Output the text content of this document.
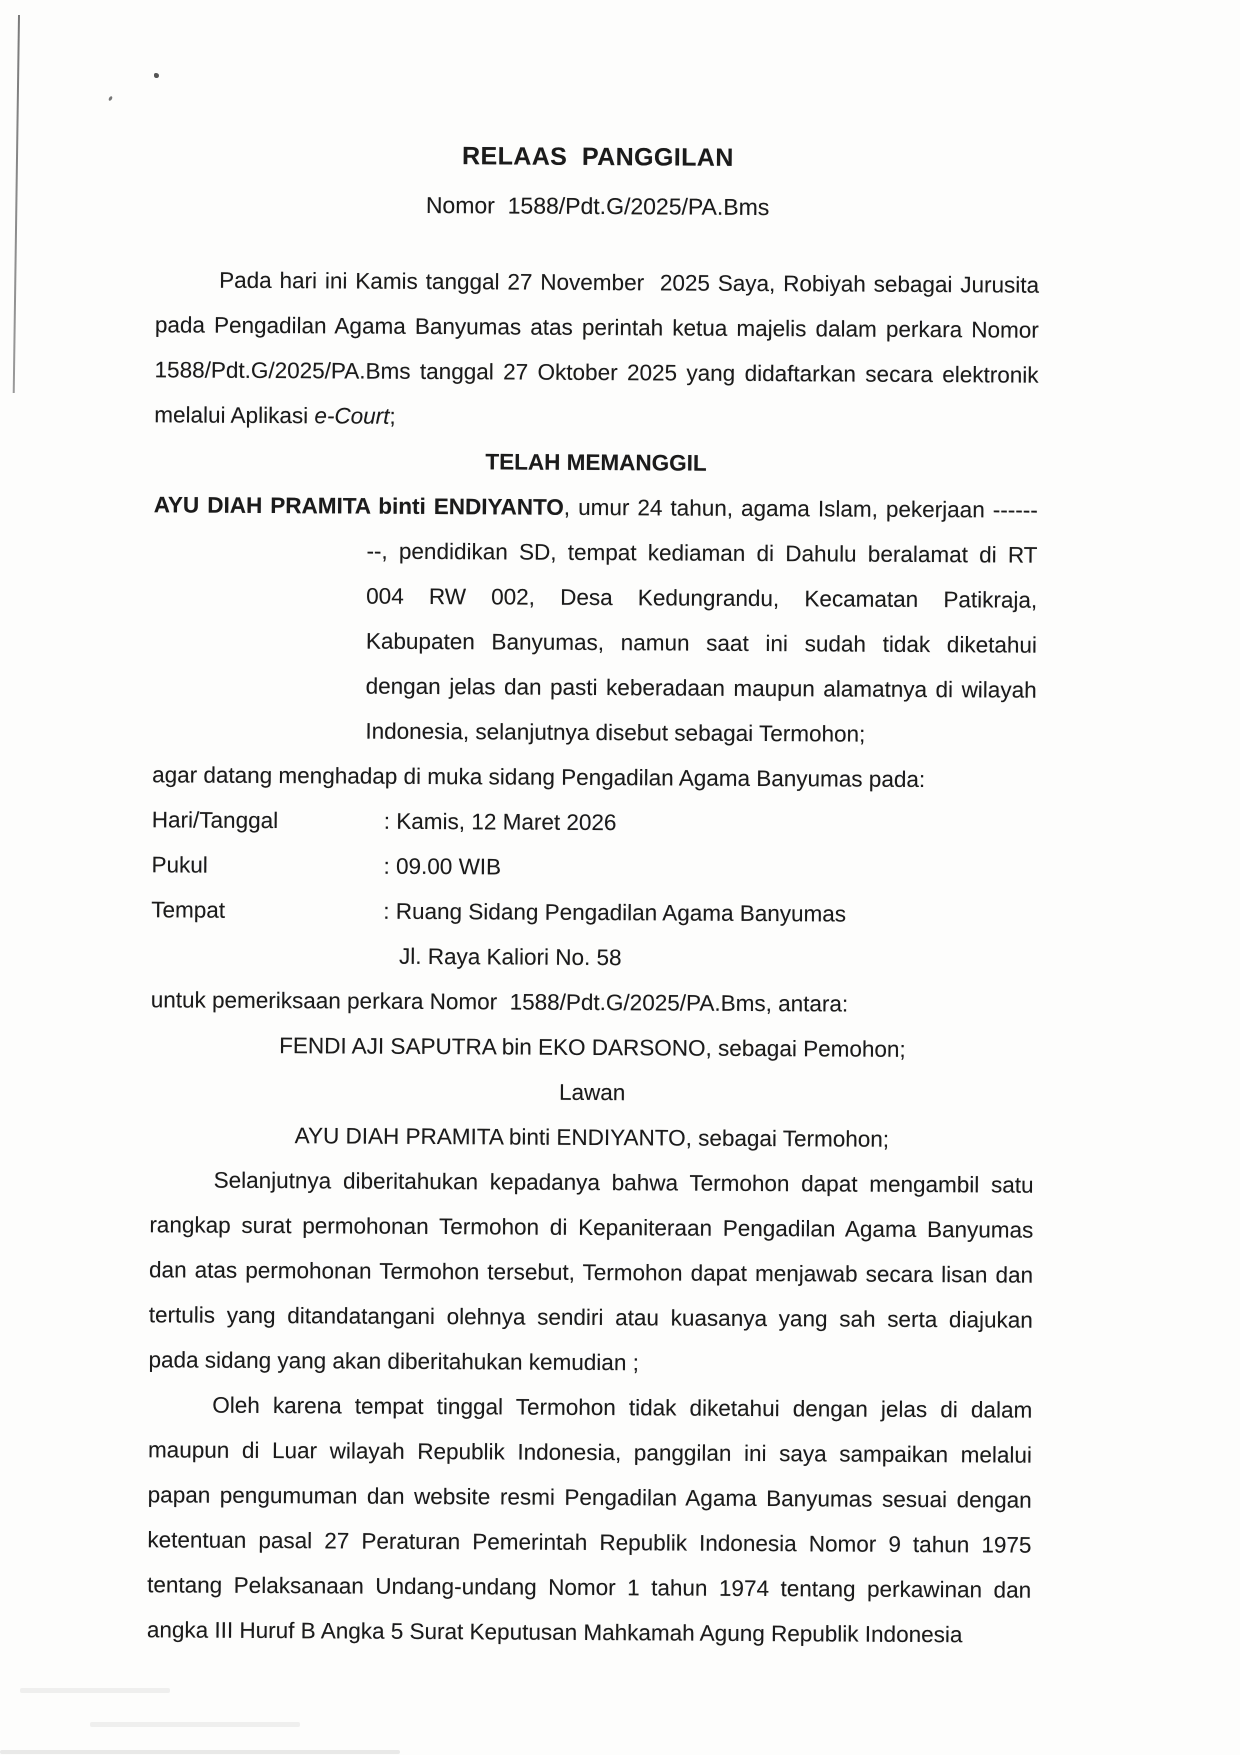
RELAAS  PANGGILAN
Nomor  1588/Pdt.G/2025/PA.Bms
Pada hari ini Kamis tanggal 27 November  2025 Saya, Robiyah sebagai Jurusita
pada Pengadilan Agama Banyumas atas perintah ketua majelis dalam perkara Nomor
1588/Pdt.G/2025/PA.Bms tanggal 27 Oktober 2025 yang didaftarkan secara elektronik
melalui Aplikasi e-Court;
TELAH MEMANGGIL
AYU DIAH PRAMITA binti ENDIYANTO, umur 24 tahun, agama Islam, pekerjaan ------
--, pendidikan SD, tempat kediaman di Dahulu beralamat di RT
004 RW 002, Desa Kedungrandu, Kecamatan Patikraja,
Kabupaten Banyumas, namun saat ini sudah tidak diketahui
dengan jelas dan pasti keberadaan maupun alamatnya di wilayah
Indonesia, selanjutnya disebut sebagai Termohon;
agar datang menghadap di muka sidang Pengadilan Agama Banyumas pada:
Hari/Tanggal	: Kamis, 12 Maret 2026
Pukul	: 09.00 WIB
Tempat	: Ruang Sidang Pengadilan Agama Banyumas
Jl. Raya Kaliori No. 58
untuk pemeriksaan perkara Nomor  1588/Pdt.G/2025/PA.Bms, antara:
FENDI AJI SAPUTRA bin EKO DARSONO, sebagai Pemohon;
Lawan
AYU DIAH PRAMITA binti ENDIYANTO, sebagai Termohon;
Selanjutnya diberitahukan kepadanya bahwa Termohon dapat mengambil satu
rangkap surat permohonan Termohon di Kepaniteraan Pengadilan Agama Banyumas
dan atas permohonan Termohon tersebut, Termohon dapat menjawab secara lisan dan
tertulis yang ditandatangani olehnya sendiri atau kuasanya yang sah serta diajukan
pada sidang yang akan diberitahukan kemudian ;
Oleh karena tempat tinggal Termohon tidak diketahui dengan jelas di dalam
maupun di Luar wilayah Republik Indonesia, panggilan ini saya sampaikan melalui
papan pengumuman dan website resmi Pengadilan Agama Banyumas sesuai dengan
ketentuan pasal 27 Peraturan Pemerintah Republik Indonesia Nomor 9 tahun 1975
tentang Pelaksanaan Undang-undang Nomor 1 tahun 1974 tentang perkawinan dan
angka III Huruf B Angka 5 Surat Keputusan Mahkamah Agung Republik Indonesia
